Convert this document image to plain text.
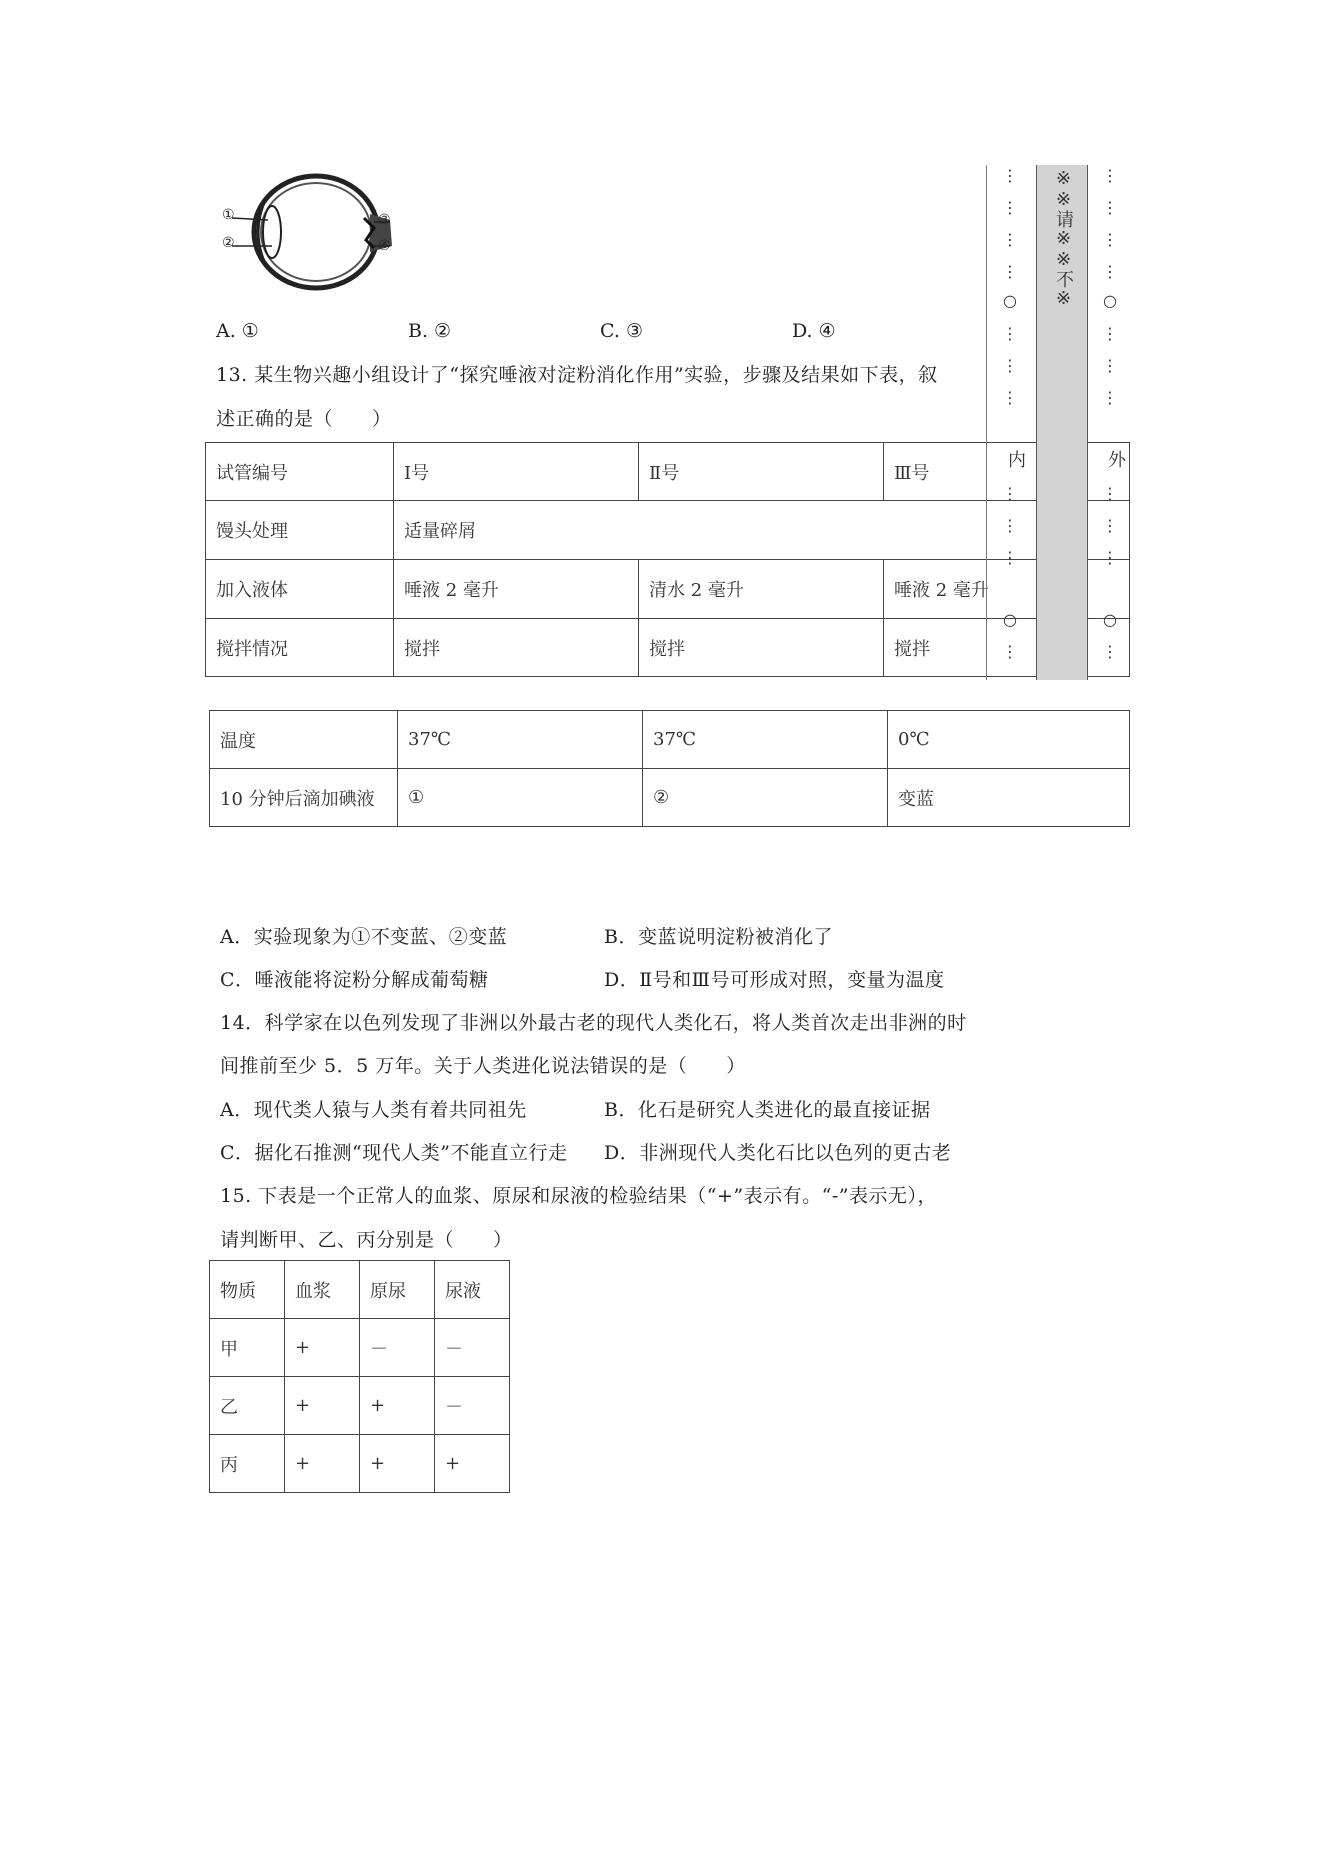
①
②
③
④
A. ①	B. ②	C. ③	D. ④
13. 某生物兴趣小组设计了“探究唾液对淀粉消化作用”实验，步骤及结果如下表，叙
述正确的是（　　）
试管编号	Ⅰ号	Ⅱ号	Ⅲ号
馒头处理	适量碎屑		
加入液体	唾液 2 毫升	清水 2 毫升	唾液 2 毫升
搅拌情况	搅拌	搅拌	搅拌
温度	37℃	37℃	0℃
10 分钟后滴加碘液	①	②	变蓝
A．实验现象为①不变蓝、②变蓝	B．变蓝说明淀粉被消化了
C．唾液能将淀粉分解成葡萄糖	D．Ⅱ号和Ⅲ号可形成对照，变量为温度
14．科学家在以色列发现了非洲以外最古老的现代人类化石，将人类首次走出非洲的时
间推前至少 5．5 万年。关于人类进化说法错误的是（　　）
A．现代类人猿与人类有着共同祖先	B．化石是研究人类进化的最直接证据
C．据化石推测“现代人类”不能直立行走 D．非洲现代人类化石比以色列的更古老
15. 下表是一个正常人的血浆、原尿和尿液的检验结果（“+”表示有。“-”表示无），
请判断甲、乙、丙分别是（　　）
物质	血浆	原尿	尿液
甲	+	－	－
乙	+	+	－
丙	+	+	+
※※请※※不※
⋮
⋮
⋮
⋮
○
⋮
⋮
⋮
内
⋮
⋮
⋮
○
⋮
⋮
⋮
⋮
⋮
○
⋮
⋮
⋮
外
⋮
⋮
⋮
○
⋮
